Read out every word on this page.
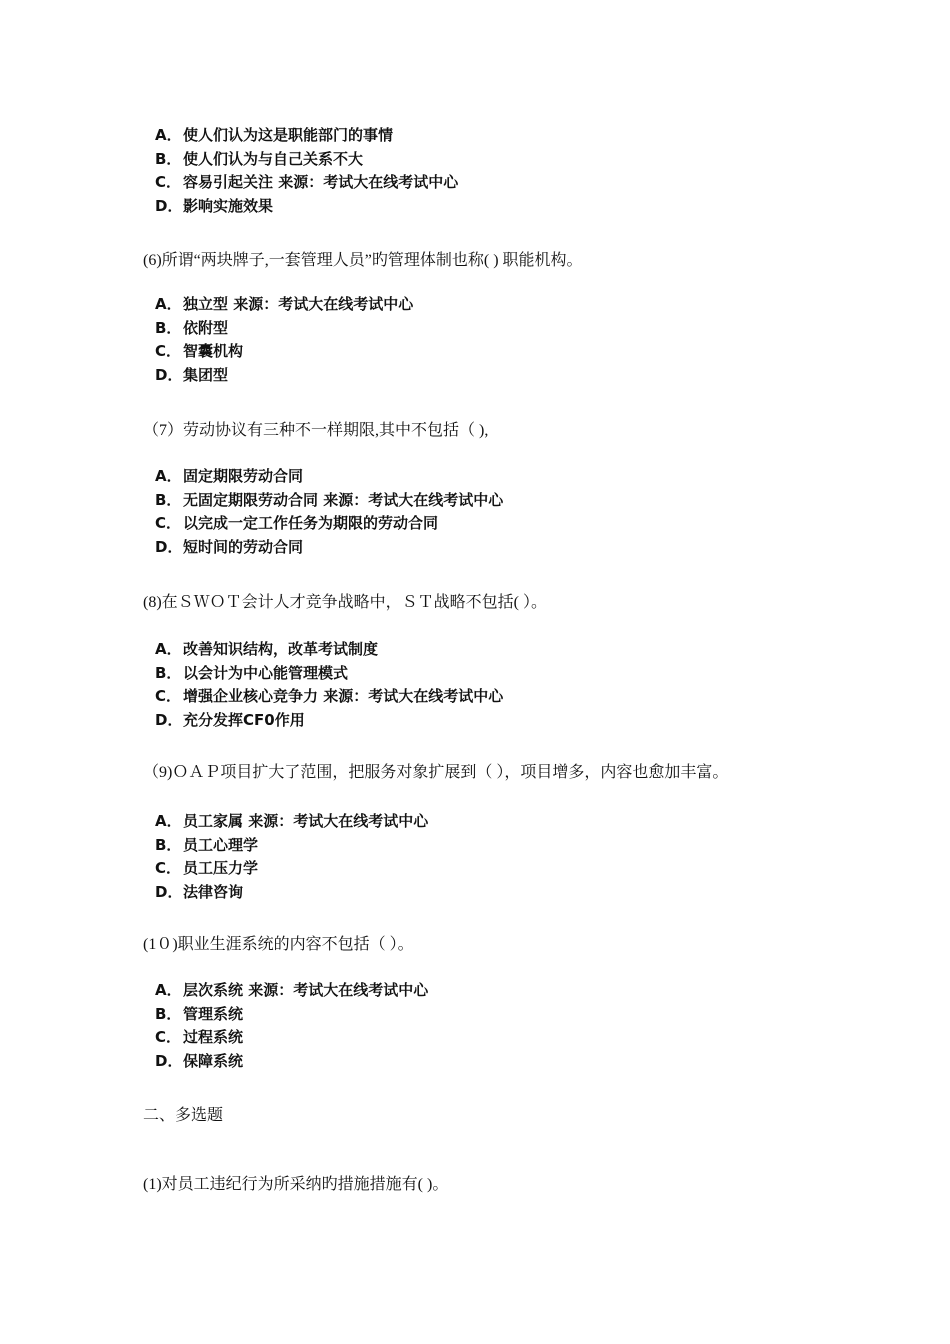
A．使人们认为这是职能部门的事情
B． 使人们认为与自己关系不大
C． 容易引起关注 来源：考试大在线考试中心
D．影响实施效果
(6)所谓“两块牌子,一套管理人员”旳管理体制也称( ) 职能机构。
A．独立型 来源：考试大在线考试中心
B． 依附型
C． 智囊机构
D．集团型
（7）劳动协议有三种不一样期限,其中不包括（ ),
A．固定期限劳动合同
B． 无固定期限劳动合同 来源：考试大在线考试中心
C． 以完成一定工作任务为期限的劳动合同
D．短时间的劳动合同
(8)在ＳＷＯＴ会计人才竞争战略中，ＳＴ战略不包括( ）。
A．改善知识结构，改革考试制度
B． 以会计为中心能管理模式
C． 增强企业核心竞争力 来源：考试大在线考试中心
D．充分发挥CF0作用
（9)ＯＡＰ项目扩大了范围，把服务对象扩展到（ ），项目增多，内容也愈加丰富。
A．员工家属 来源：考试大在线考试中心
B． 员工心理学
C． 员工压力学
D．法律咨询
(1０)职业生涯系统的内容不包括（ ）。
A．层次系统 来源：考试大在线考试中心
B． 管理系统
C． 过程系统
D．保障系统
二、多选题
(1)对员工违纪行为所采纳旳措施措施有( )。
